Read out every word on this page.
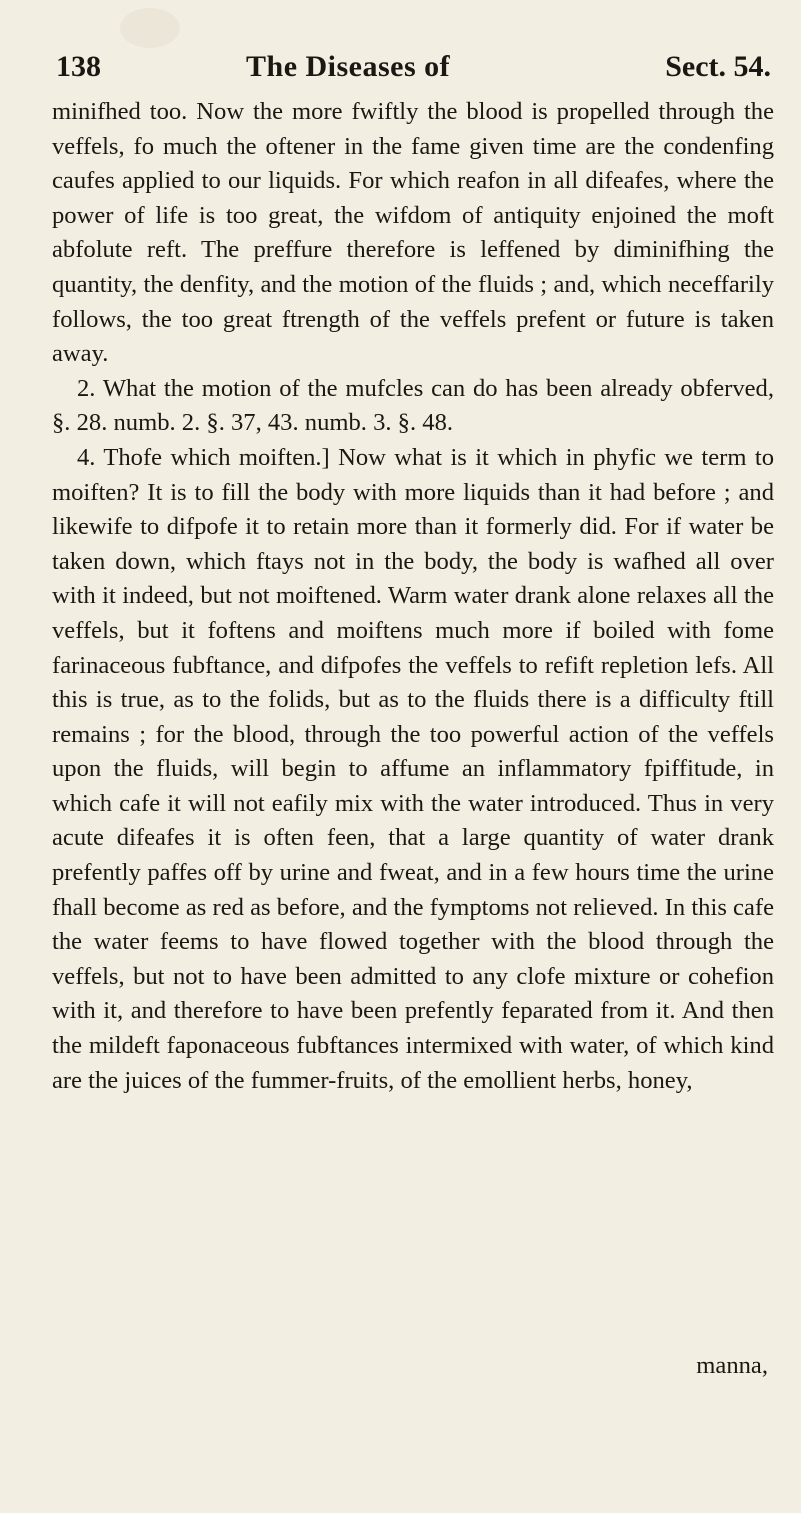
138	The Diseases of	Sect. 54.

minifhed too. Now the more fwiftly the blood is propelled through the veffels, fo much the oftener in the fame given time are the condenfing caufes applied to our liquids. For which reafon in all difeafes, where the power of life is too great, the wifdom of antiquity enjoined the moft abfolute reft. The preffure therefore is leffened by diminifhing the quantity, the denfity, and the motion of the fluids ; and, which neceffarily follows, the too great ftrength of the veffels prefent or future is taken away.

2. What the motion of the mufcles can do has been already obferved, §. 28. numb. 2. §. 37, 43. numb. 3. §. 48.

4. Thofe which moiften.] Now what is it which in phyfic we term to moiften? It is to fill the body with more liquids than it had before ; and likewife to difpofe it to retain more than it formerly did. For if water be taken down, which ftays not in the body, the body is wafhed all over with it indeed, but not moiftened. Warm water drank alone relaxes all the veffels, but it foftens and moiftens much more if boiled with fome farinaceous fubftance, and difpofes the veffels to refift repletion lefs. All this is true, as to the folids, but as to the fluids there is a difficulty ftill remains ; for the blood, through the too powerful action of the veffels upon the fluids, will begin to affume an inflammatory fpiffitude, in which cafe it will not eafily mix with the water introduced. Thus in very acute difeafes it is often feen, that a large quantity of water drank prefently paffes off by urine and fweat, and in a few hours time the urine fhall become as red as before, and the fymptoms not relieved. In this cafe the water feems to have flowed together with the blood through the veffels, but not to have been admitted to any clofe mixture or cohefion with it, and therefore to have been prefently feparated from it. And then the mildeft faponaceous fubftances intermixed with water, of which kind are the juices of the fummer-fruits, of the emollient herbs, honey,

manna,
